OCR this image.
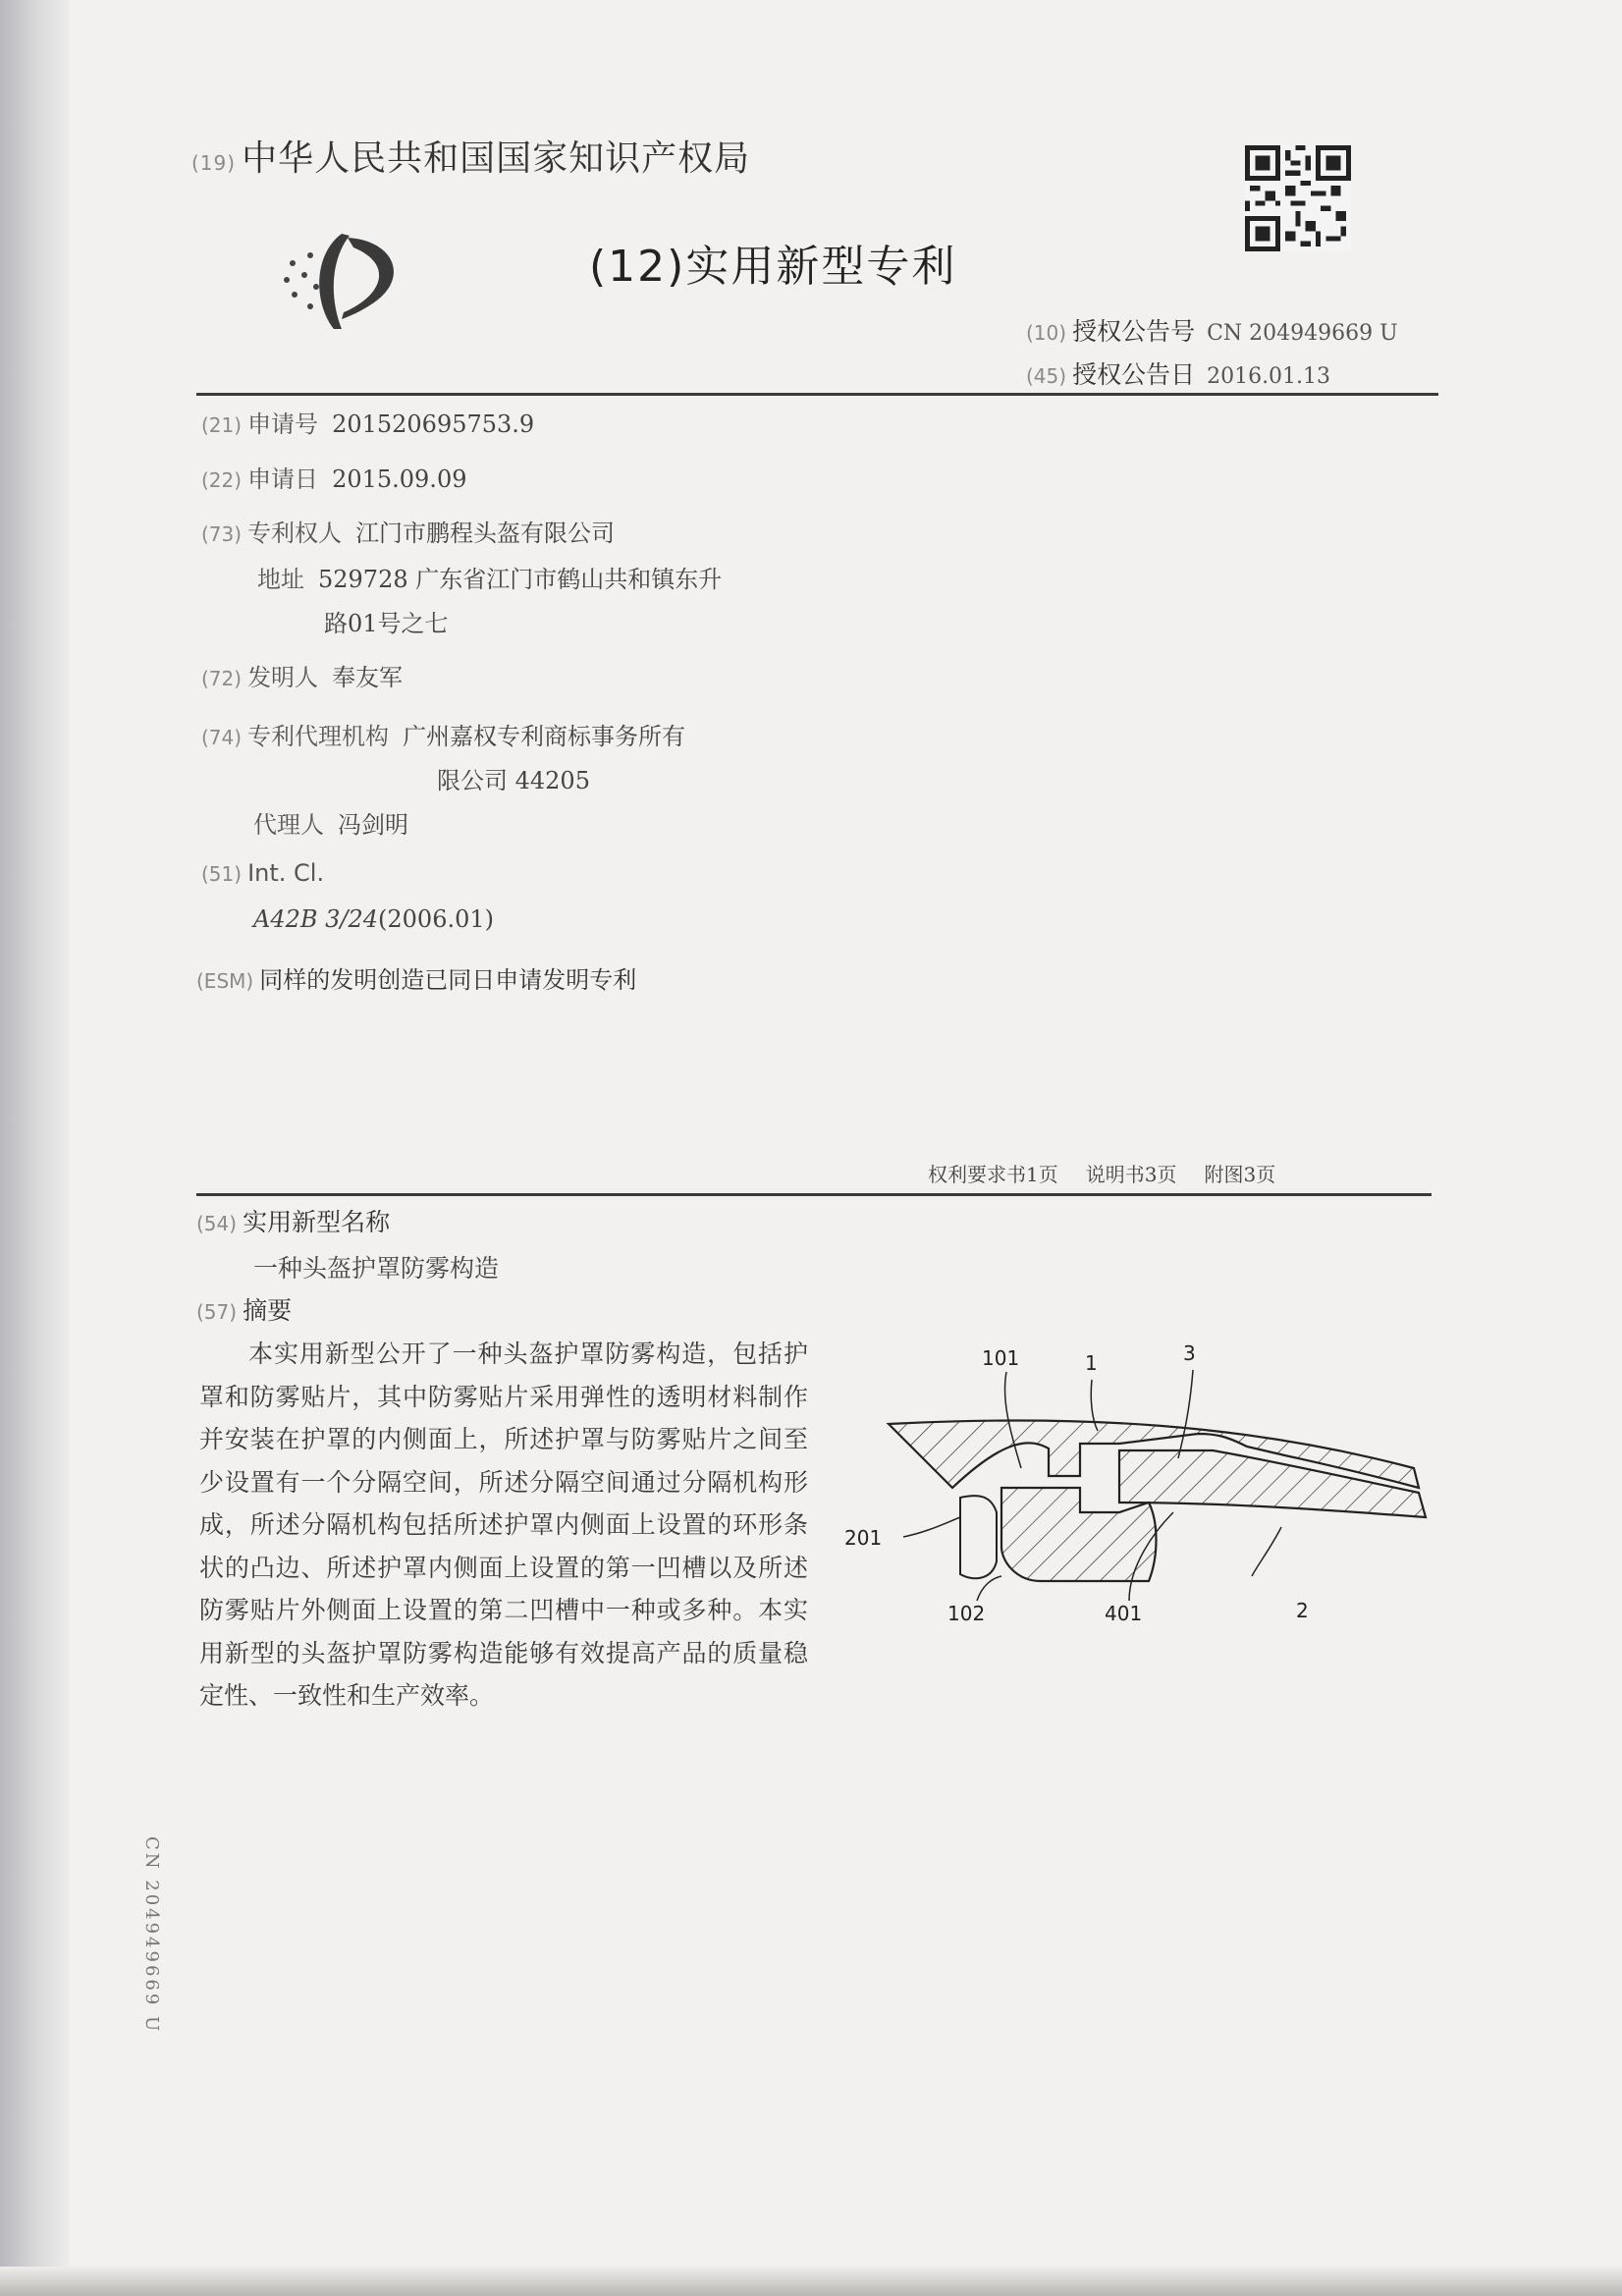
(19) 中华人民共和国国家知识产权局
(12)实用新型专利
(10) 授权公告号 CN 204949669 U
(45) 授权公告日 2016.01.13
(21) 申请号 201520695753.9
(22) 申请日 2015.09.09
(73) 专利权人 江门市鹏程头盔有限公司
地址 529728 广东省江门市鹤山共和镇东升
路01号之七
(72) 发明人 奉友军
(74) 专利代理机构 广州嘉权专利商标事务所有
限公司 44205
代理人 冯剑明
(51) Int. Cl.
A42B 3/24(2006.01)
(ESM) 同样的发明创造已同日申请发明专利
权利要求书1页 说明书3页 附图3页
(54) 实用新型名称
一种头盔护罩防雾构造
(57) 摘要

本实用新型公开了一种头盔护罩防雾构造，包括护罩和防雾贴片，其中防雾贴片采用弹性的透明材料制作并安装在护罩的内侧面上，所述护罩与防雾贴片之间至少设置有一个分隔空间，所述分隔空间通过分隔机构形成，所述分隔机构包括所述护罩内侧面上设置的环形条状的凸边、所述护罩内侧面上设置的第一凹槽以及所述防雾贴片外侧面上设置的第二凹槽中一种或多种。本实用新型的头盔护罩防雾构造能够有效提高产品的质量稳定性、一致性和生产效率。

101	1	3
201
401	2
102
CN 204949669 U
